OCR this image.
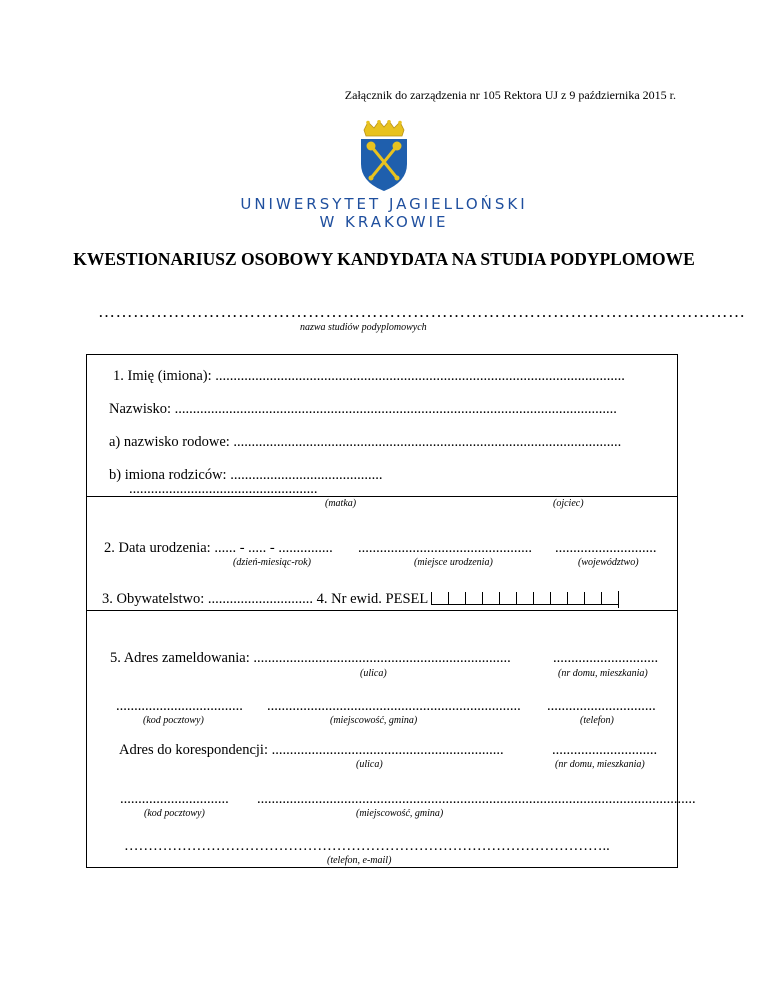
Załącznik do zarządzenia nr 105 Rektora UJ z 9 października 2015 r.
UNIWERSYTET JAGIELLOŃSKI
W KRAKOWIE
KWESTIONARIUSZ OSOBOWY KANDYDATA NA STUDIA PODYPLOMOWE
…………………………………………………………………………………………………
nazwa studiów podyplomowych
1. Imię (imiona): .................................................................................................................
Nazwisko: ..........................................................................................................................
a) nazwisko rodowe: ...........................................................................................................
b) imiona rodziców: ..........................................
....................................................
(matka)	(ojciec)
2. Data urodzenia: ...... - ..... - ............... ................................................ ............................
(dzień-miesiąc-rok)	(miejsce urodzenia)	(województwo)
3. Obywatelstwo: ............................. 4. Nr ewid. PESEL
5. Adres zameldowania: .......................................................................	.............................
(ulica)	(nr domu, mieszkania)
................................... ...................................................................... ..............................
(kod pocztowy)	(miejscowość, gmina)	(telefon)
Adres do korespondencji: ................................................................	.............................
(ulica)	(nr domu, mieszkania)
.............................. .........................................................................................................................
(kod pocztowy)	(miejscowość, gmina)
………………………………………………………………………………………..
(telefon, e-mail)
